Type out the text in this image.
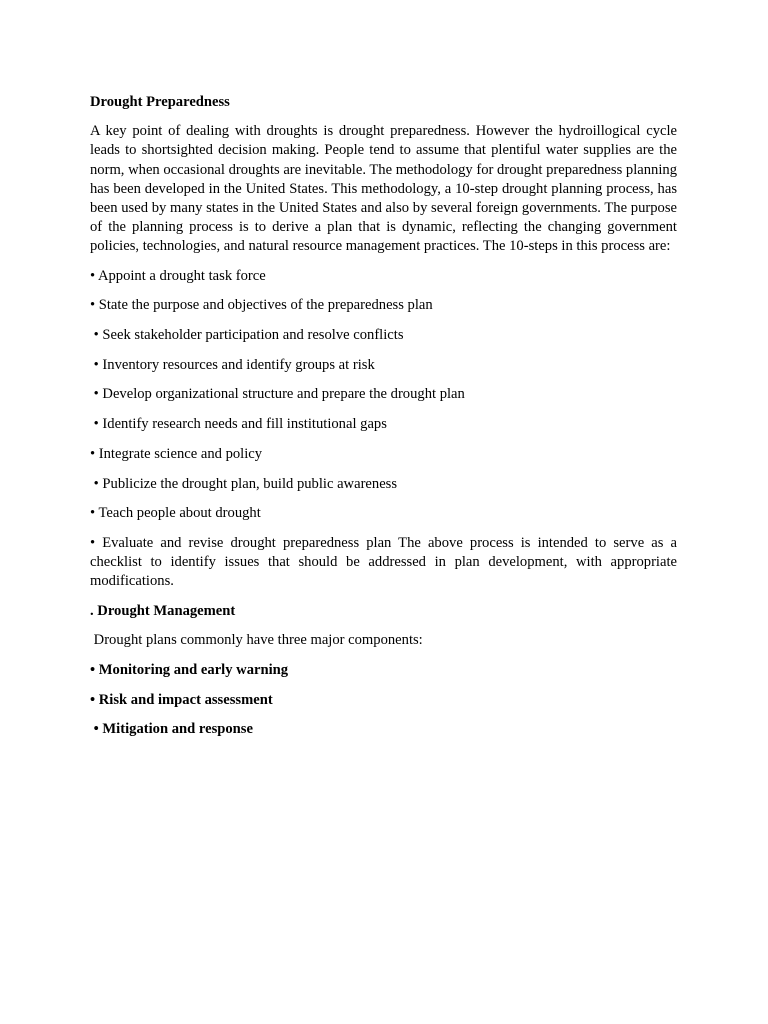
Drought Preparedness
A key point of dealing with droughts is drought preparedness. However the hydroillogical cycle leads to shortsighted decision making. People tend to assume that plentiful water supplies are the norm, when occasional droughts are inevitable. The methodology for drought preparedness planning has been developed in the United States. This methodology, a 10-step drought planning process, has been used by many states in the United States and also by several foreign governments. The purpose of the planning process is to derive a plan that is dynamic, reflecting the changing government policies, technologies, and natural resource management practices. The 10-steps in this process are:
• Appoint a drought task force
• State the purpose and objectives of the preparedness plan
• Seek stakeholder participation and resolve conflicts
• Inventory resources and identify groups at risk
• Develop organizational structure and prepare the drought plan
• Identify research needs and fill institutional gaps
• Integrate science and policy
• Publicize the drought plan, build public awareness
• Teach people about drought
• Evaluate and revise drought preparedness plan The above process is intended to serve as a checklist to identify issues that should be addressed in plan development, with appropriate modifications.
. Drought Management
Drought plans commonly have three major components:
• Monitoring and early warning
• Risk and impact assessment
• Mitigation and response
